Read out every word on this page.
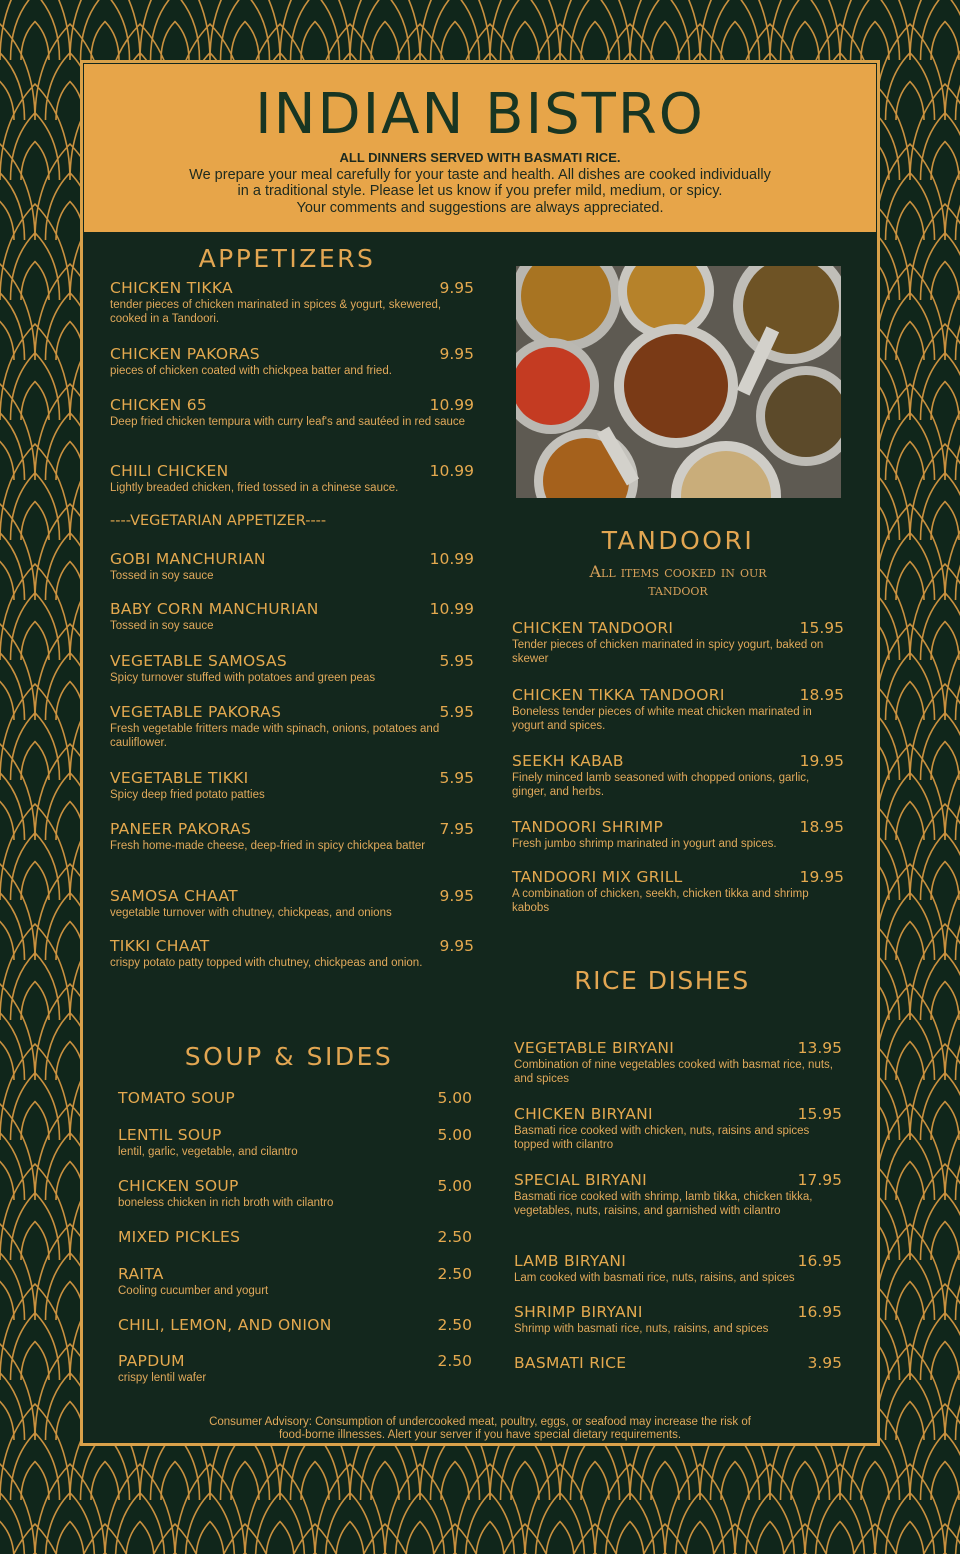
INDIAN BISTRO
ALL DINNERS SERVED WITH BASMATI RICE.
We prepare your meal carefully for your taste and health. All dishes are cooked individually
in a traditional style. Please let us know if you prefer mild, medium, or spicy.
Your comments and suggestions are always appreciated.
APPETIZERS
CHICKEN TIKKA	9.95
tender pieces of chicken marinated in spices & yogurt, skewered, cooked in a Tandoori.
CHICKEN PAKORAS	9.95
pieces of chicken coated with chickpea batter and fried.
CHICKEN 65	10.99
Deep fried chicken tempura with curry leaf's and sautéed in red sauce
CHILI CHICKEN	10.99
Lightly breaded chicken, fried tossed in a chinese sauce.
----VEGETARIAN APPETIZER----
GOBI MANCHURIAN	10.99
Tossed in soy sauce
BABY CORN MANCHURIAN	10.99
Tossed in soy sauce
VEGETABLE SAMOSAS	5.95
Spicy turnover stuffed with potatoes and green peas
VEGETABLE PAKORAS	5.95
Fresh vegetable fritters made with spinach, onions, potatoes and cauliflower.
VEGETABLE TIKKI	5.95
Spicy deep fried potato patties
PANEER PAKORAS	7.95
Fresh home-made cheese, deep-fried in spicy chickpea batter
SAMOSA CHAAT	9.95
vegetable turnover with chutney, chickpeas, and onions
TIKKI CHAAT	9.95
crispy potato patty topped with chutney, chickpeas and onion.
SOUP & SIDES
TOMATO SOUP	5.00
LENTIL SOUP	5.00
lentil, garlic, vegetable, and cilantro
CHICKEN SOUP	5.00
boneless chicken in rich broth with cilantro
MIXED PICKLES	2.50
RAITA	2.50
Cooling cucumber and yogurt
CHILI, LEMON, AND ONION	2.50
PAPDUM	2.50
crispy lentil wafer
TANDOORI
All items cooked in our
tandoor
CHICKEN TANDOORI	15.95
Tender pieces of chicken marinated in spicy yogurt, baked on skewer
CHICKEN TIKKA TANDOORI	18.95
Boneless tender pieces of white meat chicken marinated in yogurt and spices.
SEEKH KABAB	19.95
Finely minced lamb seasoned with chopped onions, garlic, ginger, and herbs.
TANDOORI SHRIMP	18.95
Fresh jumbo shrimp marinated in yogurt and spices.
TANDOORI MIX GRILL	19.95
A combination of chicken, seekh, chicken tikka and shrimp kabobs
RICE DISHES
VEGETABLE BIRYANI	13.95
Combination of nine vegetables cooked with basmat rice, nuts, and spices
CHICKEN BIRYANI	15.95
Basmati rice cooked with chicken, nuts, raisins and spices topped with cilantro
SPECIAL BIRYANI	17.95
Basmati rice cooked with shrimp, lamb tikka, chicken tikka, vegetables, nuts, raisins, and garnished with cilantro
LAMB BIRYANI	16.95
Lam cooked with basmati rice, nuts, raisins, and spices
SHRIMP BIRYANI	16.95
Shrimp with basmati rice, nuts, raisins, and spices
BASMATI RICE	3.95
Consumer Advisory: Consumption of undercooked meat, poultry, eggs, or seafood may increase the risk of
food-borne illnesses. Alert your server if you have special dietary requirements.
